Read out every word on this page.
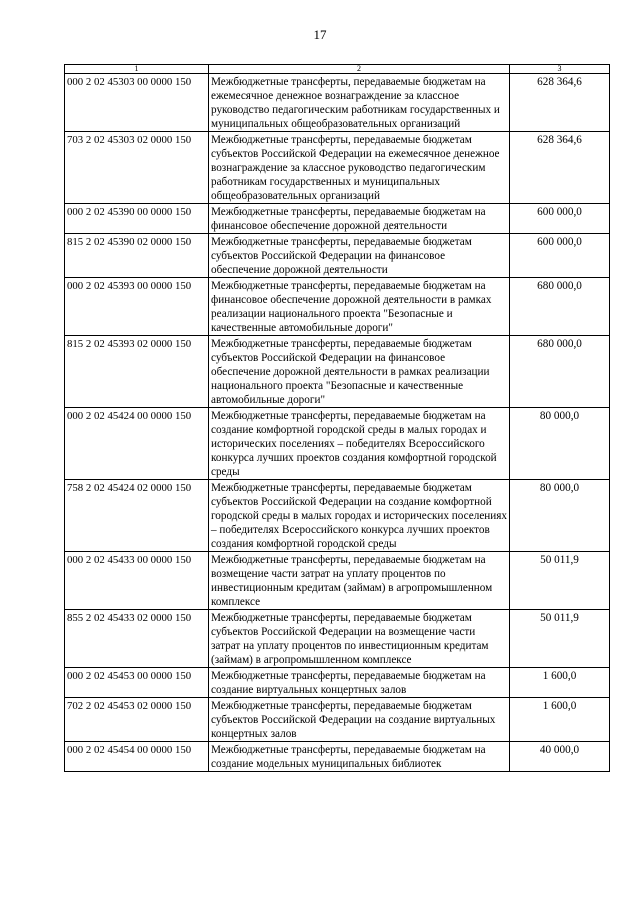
17
1	2	3
000 2 02 45303 00 0000 150	Межбюджетные трансферты, передаваемые бюджетам на ежемесячное денежное вознаграждение за классное руководство педагогическим работникам государственных и муниципальных общеобразовательных организаций	628 364,6
703 2 02 45303 02 0000 150	Межбюджетные трансферты, передаваемые бюджетам субъектов Российской Федерации на ежемесячное денежное вознаграждение за классное руководство педагогическим работникам государственных и муниципальных общеобразовательных организаций	628 364,6
000 2 02 45390 00 0000 150	Межбюджетные трансферты, передаваемые бюджетам на финансовое обеспечение дорожной деятельности	600 000,0
815 2 02 45390 02 0000 150	Межбюджетные трансферты, передаваемые бюджетам субъектов Российской Федерации на финансовое обеспечение дорожной деятельности	600 000,0
000 2 02 45393 00 0000 150	Межбюджетные трансферты, передаваемые бюджетам на финансовое обеспечение дорожной деятельности в рамках реализации национального проекта "Безопасные и качественные автомобильные дороги"	680 000,0
815 2 02 45393 02 0000 150	Межбюджетные трансферты, передаваемые бюджетам субъектов Российской Федерации на финансовое обеспечение дорожной деятельности в рамках реализации национального проекта "Безопасные и качественные автомобильные дороги"	680 000,0
000 2 02 45424 00 0000 150	Межбюджетные трансферты, передаваемые бюджетам на создание комфортной городской среды в малых городах и исторических поселениях – победителях Всероссийского конкурса лучших проектов создания комфортной городской среды	80 000,0
758 2 02 45424 02 0000 150	Межбюджетные трансферты, передаваемые бюджетам субъектов Российской Федерации на создание комфортной городской среды в малых городах и исторических поселениях – победителях Всероссийского конкурса лучших проектов создания комфортной городской среды	80 000,0
000 2 02 45433 00 0000 150	Межбюджетные трансферты, передаваемые бюджетам на возмещение части затрат на уплату процентов по инвестиционным кредитам (займам) в агропромышленном комплексе	50 011,9
855 2 02 45433 02 0000 150	Межбюджетные трансферты, передаваемые бюджетам субъектов Российской Федерации на возмещение части затрат на уплату процентов по инвестиционным кредитам (займам) в агропромышленном комплексе	50 011,9
000 2 02 45453 00 0000 150	Межбюджетные трансферты, передаваемые бюджетам на создание виртуальных концертных залов	1 600,0
702 2 02 45453 02 0000 150	Межбюджетные трансферты, передаваемые бюджетам субъектов Российской Федерации на создание виртуальных концертных залов	1 600,0
000 2 02 45454 00 0000 150	Межбюджетные трансферты, передаваемые бюджетам на создание модельных муниципальных библиотек	40 000,0
